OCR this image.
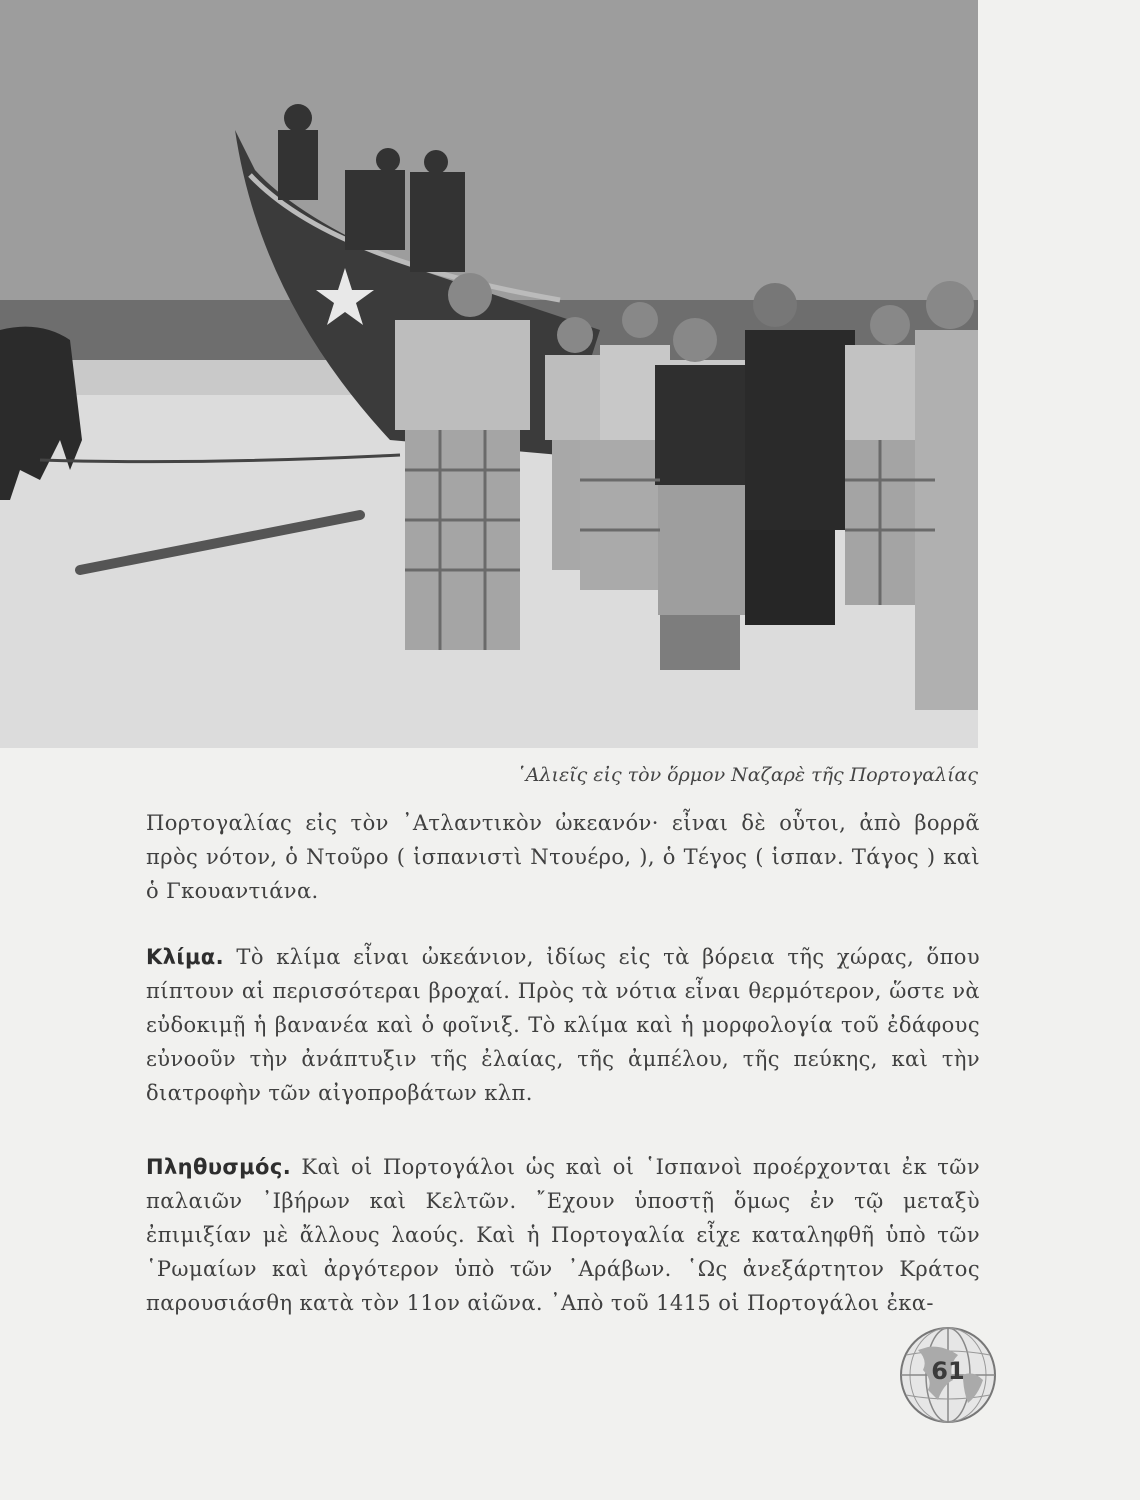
῾Αλιεῖς εἰς τὸν ὅρμον Ναζαρὲ τῆς Πορτογαλίας
Πορτογαλίας εἰς τὸν ᾿Ατλαντικὸν ὠκεανόν· εἶναι δὲ οὗτοι, ἀπὸ βορρᾶ πρὸς νότον, ὁ Ντοῦρο ( ἱσπανιστὶ Ντουέρο, ), ὁ Τέγος ( ἱσπαν. Τάγος ) καὶ ὁ Γκουαντιάνα.
Κλίμα. Τὸ κλίμα εἶναι ὠκεάνιον, ἰδίως εἰς τὰ βόρεια τῆς χώρας, ὅπου πίπτουν αἱ περισσότεραι βροχαί. Πρὸς τὰ νότια εἶναι θερμότερον, ὥστε νὰ εὐδοκιμῇ ἡ βανανέα καὶ ὁ φοῖνιξ. Τὸ κλίμα καὶ ἡ μορφολογία τοῦ ἐδάφους εὐνοοῦν τὴν ἀνάπτυξιν τῆς ἐλαίας, τῆς ἀμπέλου, τῆς πεύκης, καὶ τὴν διατροφὴν τῶν αἰγοπροβάτων κλπ.
Πληθυσμός. Καὶ οἱ Πορτογάλοι ὡς καὶ οἱ ῾Ισπανοὶ προέρχονται ἐκ τῶν παλαιῶν ᾿Ιβήρων καὶ Κελτῶν. ῎Εχουν ὑποστῇ ὅμως ἐν τῷ μεταξὺ ἐπιμιξίαν μὲ ἄλλους λαούς. Καὶ ἡ Πορτογαλία εἶχε καταληφθῆ ὑπὸ τῶν ῾Ρωμαίων καὶ ἀργότερον ὑπὸ τῶν ᾿Αράβων. ῾Ως ἀνεξάρτητον Κράτος παρουσιάσθη κατὰ τὸν 11ον αἰῶνα. ᾿Απὸ τοῦ 1415 οἱ Πορτογάλοι ἐκα-
61
